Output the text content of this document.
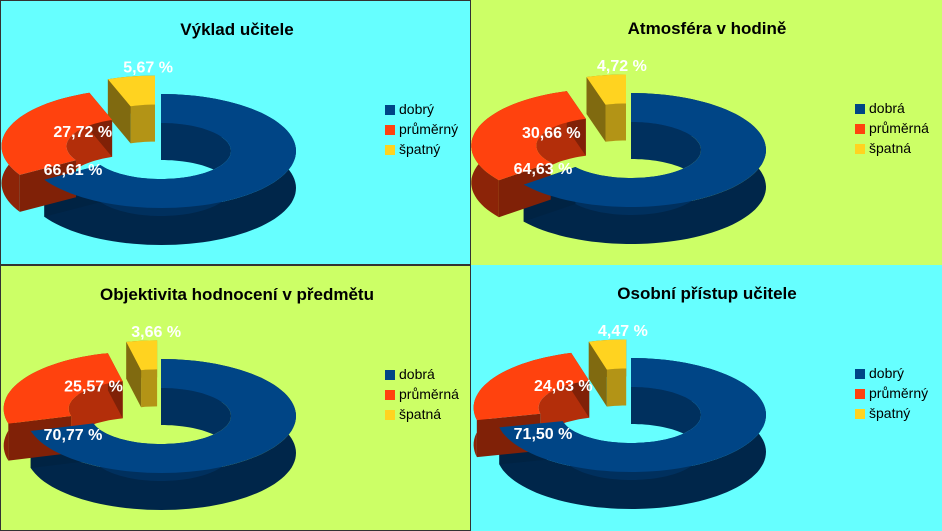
Výklad učitele
66,61 %
27,72 %
5,67 %
dobrý
průměrný
špatný
Atmosféra v hodině
64,63 %
30,66 %
4,72 %
dobrá
průměrná
špatná
Objektivita hodnocení v předmětu
70,77 %
25,57 %
3,66 %
dobrá
průměrná
špatná
Osobní přístup učitele
71,50 %
24,03 %
4,47 %
dobrý
průměrný
špatný
